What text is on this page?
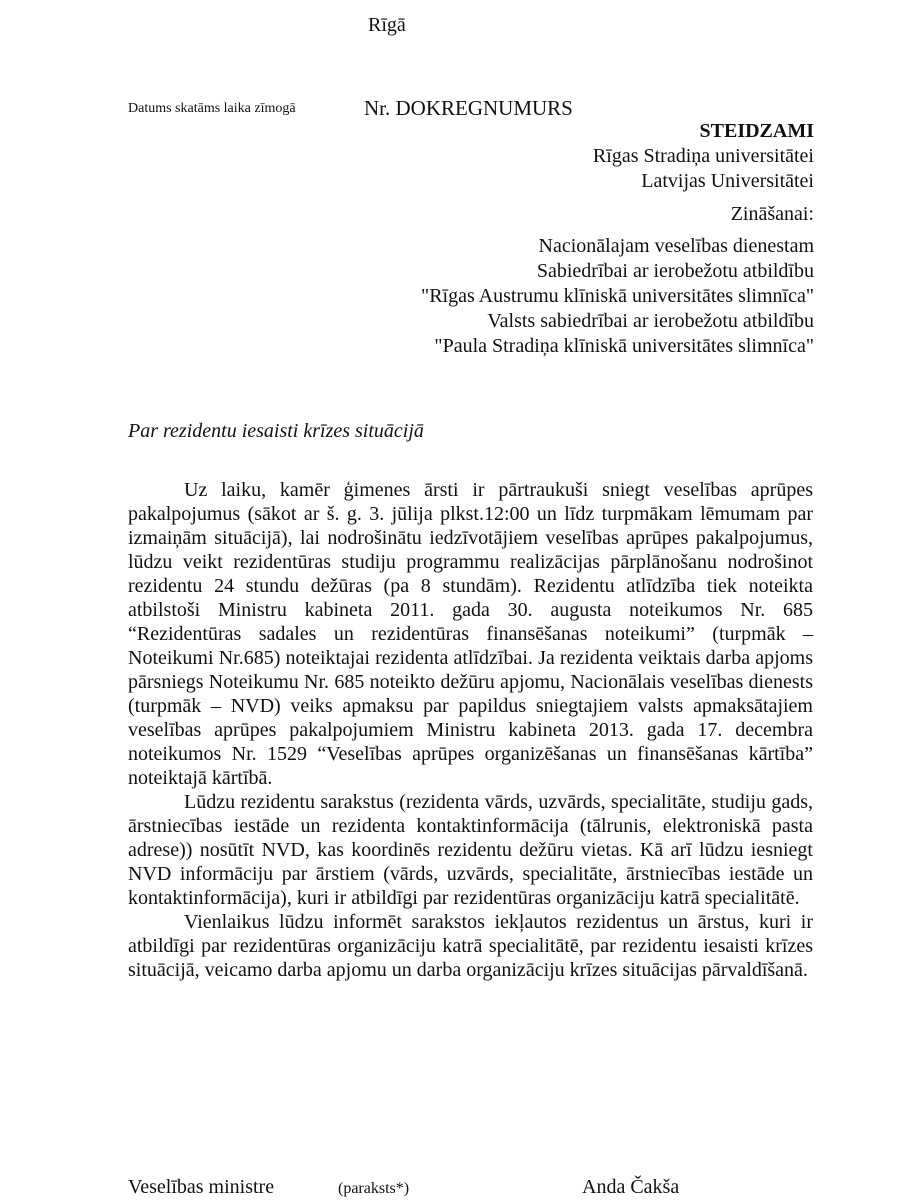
Rīgā
Datums skatāms laika zīmogā	Nr. DOKREGNUMURS
STEIDZAMI
Rīgas Stradiņa universitātei
Latvijas Universitātei
Zināšanai:
Nacionālajam veselības dienestam
Sabiedrībai ar ierobežotu atbildību
"Rīgas Austrumu klīniskā universitātes slimnīca"
Valsts sabiedrībai ar ierobežotu atbildību
"Paula Stradiņa klīniskā universitātes slimnīca"
Par rezidentu iesaisti krīzes situācijā

Uz laiku, kamēr ģimenes ārsti ir pārtraukuši sniegt veselības aprūpes pakalpojumus (sākot ar š. g. 3. jūlija plkst.12:00 un līdz turpmākam lēmumam par izmaiņām situācijā), lai nodrošinātu iedzīvotājiem veselības aprūpes pakalpojumus, lūdzu veikt rezidentūras studiju programmu realizācijas pārplānošanu nodrošinot rezidentu 24 stundu dežūras (pa 8 stundām). Rezidentu atlīdzība tiek noteikta atbilstoši Ministru kabineta 2011. gada 30. augusta noteikumos Nr. 685 “Rezidentūras sadales un rezidentūras finansēšanas noteikumi” (turpmāk – Noteikumi Nr.685) noteiktajai rezidenta atlīdzībai. Ja rezidenta veiktais darba apjoms pārsniegs Noteikumu Nr. 685 noteikto dežūru apjomu, Nacionālais veselības dienests (turpmāk – NVD) veiks apmaksu par papildus sniegtajiem valsts apmaksātajiem veselības aprūpes pakalpojumiem Ministru kabineta 2013. gada 17. decembra noteikumos Nr. 1529 “Veselības aprūpes organizēšanas un finansēšanas kārtība” noteiktajā kārtībā.

Lūdzu rezidentu sarakstus (rezidenta vārds, uzvārds, specialitāte, studiju gads, ārstniecības iestāde un rezidenta kontaktinformācija (tālrunis, elektroniskā pasta adrese)) nosūtīt NVD, kas koordinēs rezidentu dežūru vietas. Kā arī lūdzu iesniegt NVD informāciju par ārstiem (vārds, uzvārds, specialitāte, ārstniecības iestāde un kontaktinformācija), kuri ir atbildīgi par rezidentūras organizāciju katrā specialitātē.

Vienlaikus lūdzu informēt sarakstos iekļautos rezidentus un ārstus, kuri ir atbildīgi par rezidentūras organizāciju katrā specialitātē, par rezidentu iesaisti krīzes situācijā, veicamo darba apjomu un darba organizāciju krīzes situācijas pārvaldīšanā.

Veselības ministre	(paraksts*)	Anda Čakša
